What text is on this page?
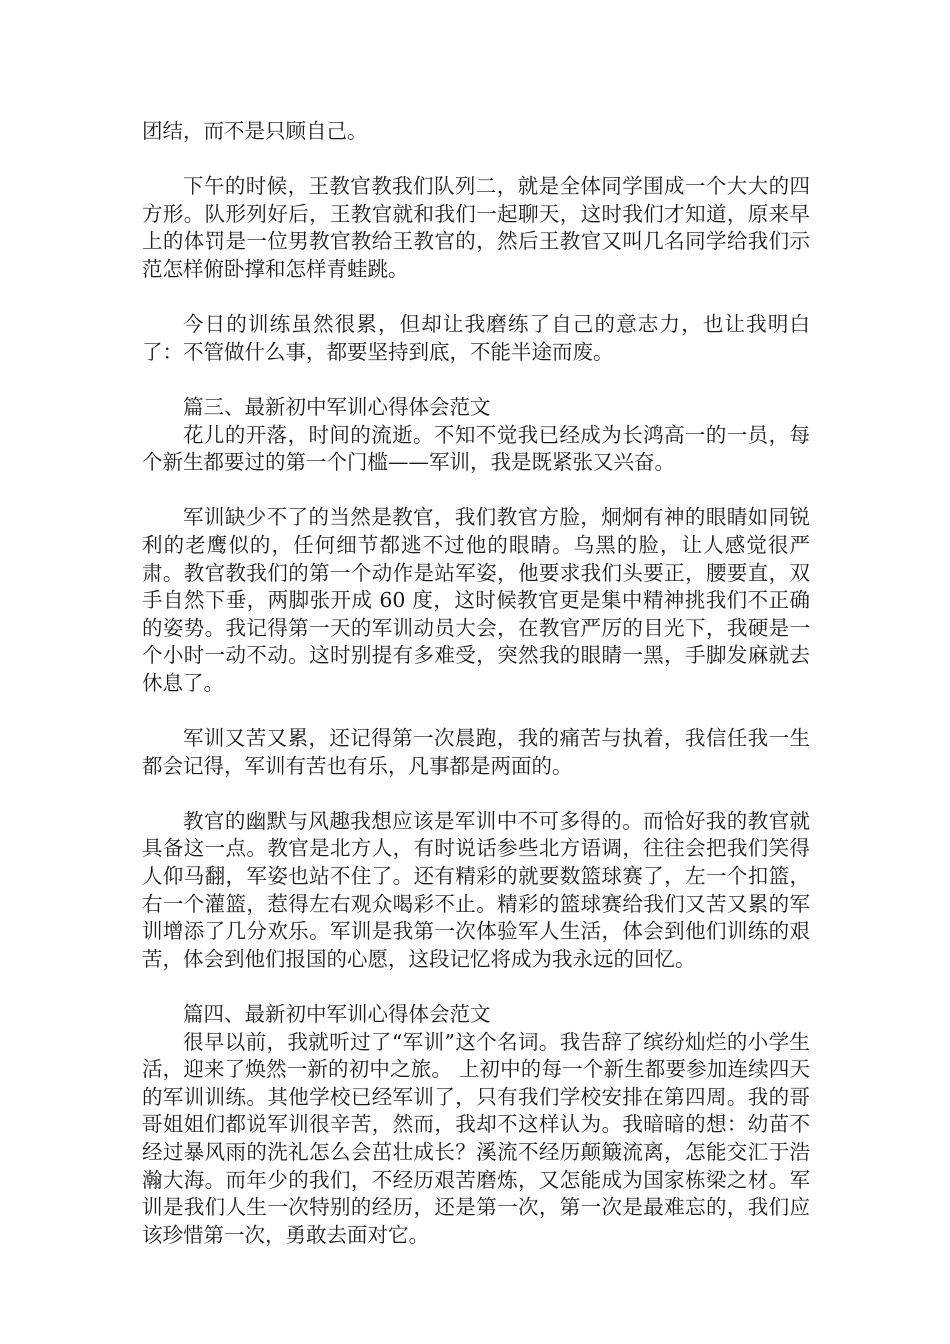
团结，而不是只顾自己。

下午的时候，王教官教我们队列二，就是全体同学围成一个大大的四方形。队形列好后，王教官就和我们一起聊天，这时我们才知道，原来早上的体罚是一位男教官教给王教官的，然后王教官又叫几名同学给我们示范怎样俯卧撑和怎样青蛙跳。

今日的训练虽然很累，但却让我磨练了自己的意志力，也让我明白了：不管做什么事，都要坚持到底，不能半途而废。

篇三、最新初中军训心得体会范文

花儿的开落，时间的流逝。不知不觉我已经成为长鸿高一的一员，每个新生都要过的第一个门槛——军训，我是既紧张又兴奋。

军训缺少不了的当然是教官，我们教官方脸，炯炯有神的眼睛如同锐利的老鹰似的，任何细节都逃不过他的眼睛。乌黑的脸，让人感觉很严肃。教官教我们的第一个动作是站军姿，他要求我们头要正，腰要直，双手自然下垂，两脚张开成 60 度，这时候教官更是集中精神挑我们不正确的姿势。我记得第一天的军训动员大会，在教官严厉的目光下，我硬是一个小时一动不动。这时别提有多难受，突然我的眼睛一黑，手脚发麻就去休息了。

军训又苦又累，还记得第一次晨跑，我的痛苦与执着，我信任我一生都会记得，军训有苦也有乐，凡事都是两面的。

教官的幽默与风趣我想应该是军训中不可多得的。而恰好我的教官就具备这一点。教官是北方人，有时说话参些北方语调，往往会把我们笑得人仰马翻，军姿也站不住了。还有精彩的就要数篮球赛了，左一个扣篮，右一个灌篮，惹得左右观众喝彩不止。精彩的篮球赛给我们又苦又累的军训增添了几分欢乐。军训是我第一次体验军人生活，体会到他们训练的艰苦，体会到他们报国的心愿，这段记忆将成为我永远的回忆。

篇四、最新初中军训心得体会范文

很早以前，我就听过了“军训”这个名词。我告辞了缤纷灿烂的小学生活，迎来了焕然一新的初中之旅。 上初中的每一个新生都要参加连续四天的军训训练。其他学校已经军训了，只有我们学校安排在第四周。我的哥哥姐姐们都说军训很辛苦，然而，我却不这样认为。我暗暗的想：幼苗不经过暴风雨的洗礼怎么会茁壮成长？溪流不经历颠簸流离，怎能交汇于浩瀚大海。而年少的我们，不经历艰苦磨炼，又怎能成为国家栋梁之材。军训是我们人生一次特别的经历，还是第一次，第一次是最难忘的，我们应该珍惜第一次，勇敢去面对它。
